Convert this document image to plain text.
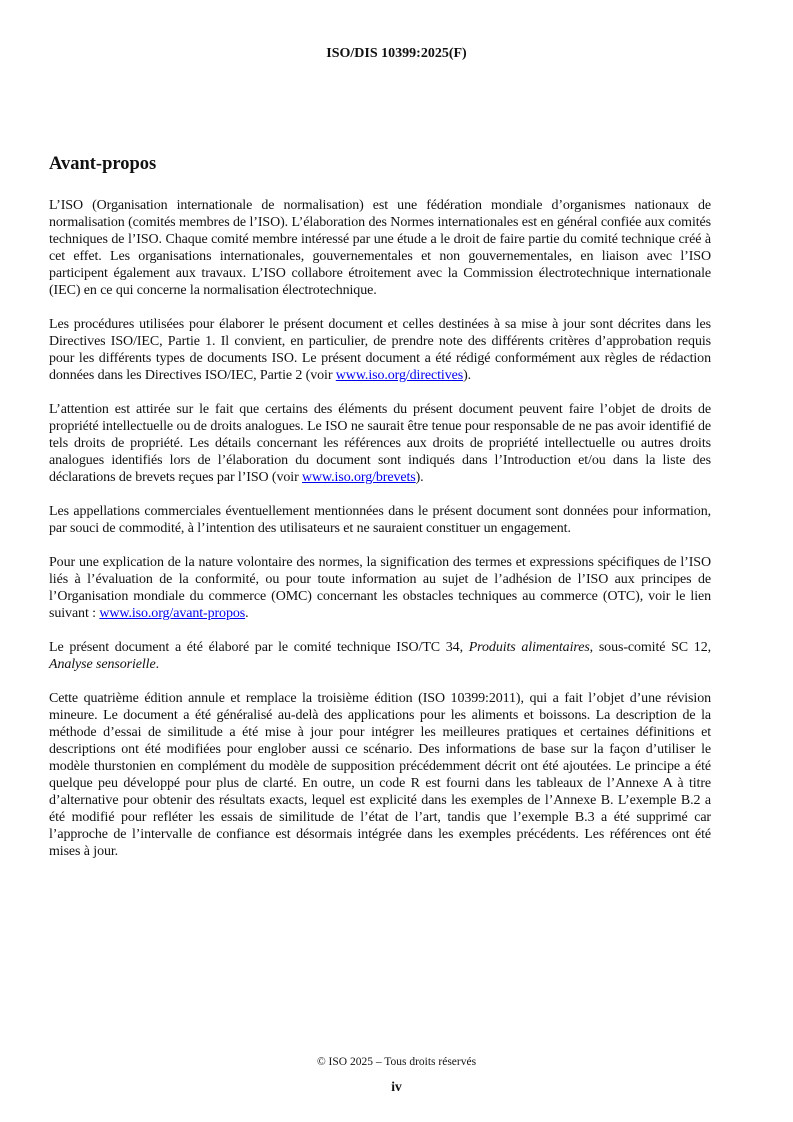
ISO/DIS 10399:2025(F)
Avant-propos

L’ISO (Organisation internationale de normalisation) est une fédération mondiale d’organismes nationaux de normalisation (comités membres de l’ISO). L’élaboration des Normes internationales est en général confiée aux comités techniques de l’ISO. Chaque comité membre intéressé par une étude a le droit de faire partie du comité technique créé à cet effet. Les organisations internationales, gouvernementales et non gouvernementales, en liaison avec l’ISO participent également aux travaux. L’ISO collabore étroitement avec la Commission électrotechnique internationale (IEC) en ce qui concerne la normalisation électrotechnique.

Les procédures utilisées pour élaborer le présent document et celles destinées à sa mise à jour sont décrites dans les Directives ISO/IEC, Partie 1. Il convient, en particulier, de prendre note des différents critères d’approbation requis pour les différents types de documents ISO. Le présent document a été rédigé conformément aux règles de rédaction données dans les Directives ISO/IEC, Partie 2 (voir www.iso.org/directives).

L’attention est attirée sur le fait que certains des éléments du présent document peuvent faire l’objet de droits de propriété intellectuelle ou de droits analogues. Le ISO ne saurait être tenue pour responsable de ne pas avoir identifié de tels droits de propriété. Les détails concernant les références aux droits de propriété intellectuelle ou autres droits analogues identifiés lors de l’élaboration du document sont indiqués dans l’Introduction et/ou dans la liste des déclarations de brevets reçues par l’ISO (voir www.iso.org/brevets).

Les appellations commerciales éventuellement mentionnées dans le présent document sont données pour information, par souci de commodité, à l’intention des utilisateurs et ne sauraient constituer un engagement.

Pour une explication de la nature volontaire des normes, la signification des termes et expressions spécifiques de l’ISO liés à l’évaluation de la conformité, ou pour toute information au sujet de l’adhésion de l’ISO aux principes de l’Organisation mondiale du commerce (OMC) concernant les obstacles techniques au commerce (OTC), voir le lien suivant : www.iso.org/avant-propos.

Le présent document a été élaboré par le comité technique ISO/TC 34, Produits alimentaires, sous-comité SC 12, Analyse sensorielle.

Cette quatrième édition annule et remplace la troisième édition (ISO 10399:2011), qui a fait l’objet d’une révision mineure. Le document a été généralisé au-delà des applications pour les aliments et boissons. La description de la méthode d’essai de similitude a été mise à jour pour intégrer les meilleures pratiques et certaines définitions et descriptions ont été modifiées pour englober aussi ce scénario. Des informations de base sur la façon d’utiliser le modèle thurstonien en complément du modèle de supposition précédemment décrit ont été ajoutées. Le principe a été quelque peu développé pour plus de clarté. En outre, un code R est fourni dans les tableaux de l’Annexe A à titre d’alternative pour obtenir des résultats exacts, lequel est explicité dans les exemples de l’Annexe B. L’exemple B.2 a été modifié pour refléter les essais de similitude de l’état de l’art, tandis que l’exemple B.3 a été supprimé car l’approche de l’intervalle de confiance est désormais intégrée dans les exemples précédents. Les références ont été mises à jour.

© ISO 2025 – Tous droits réservés
iv
